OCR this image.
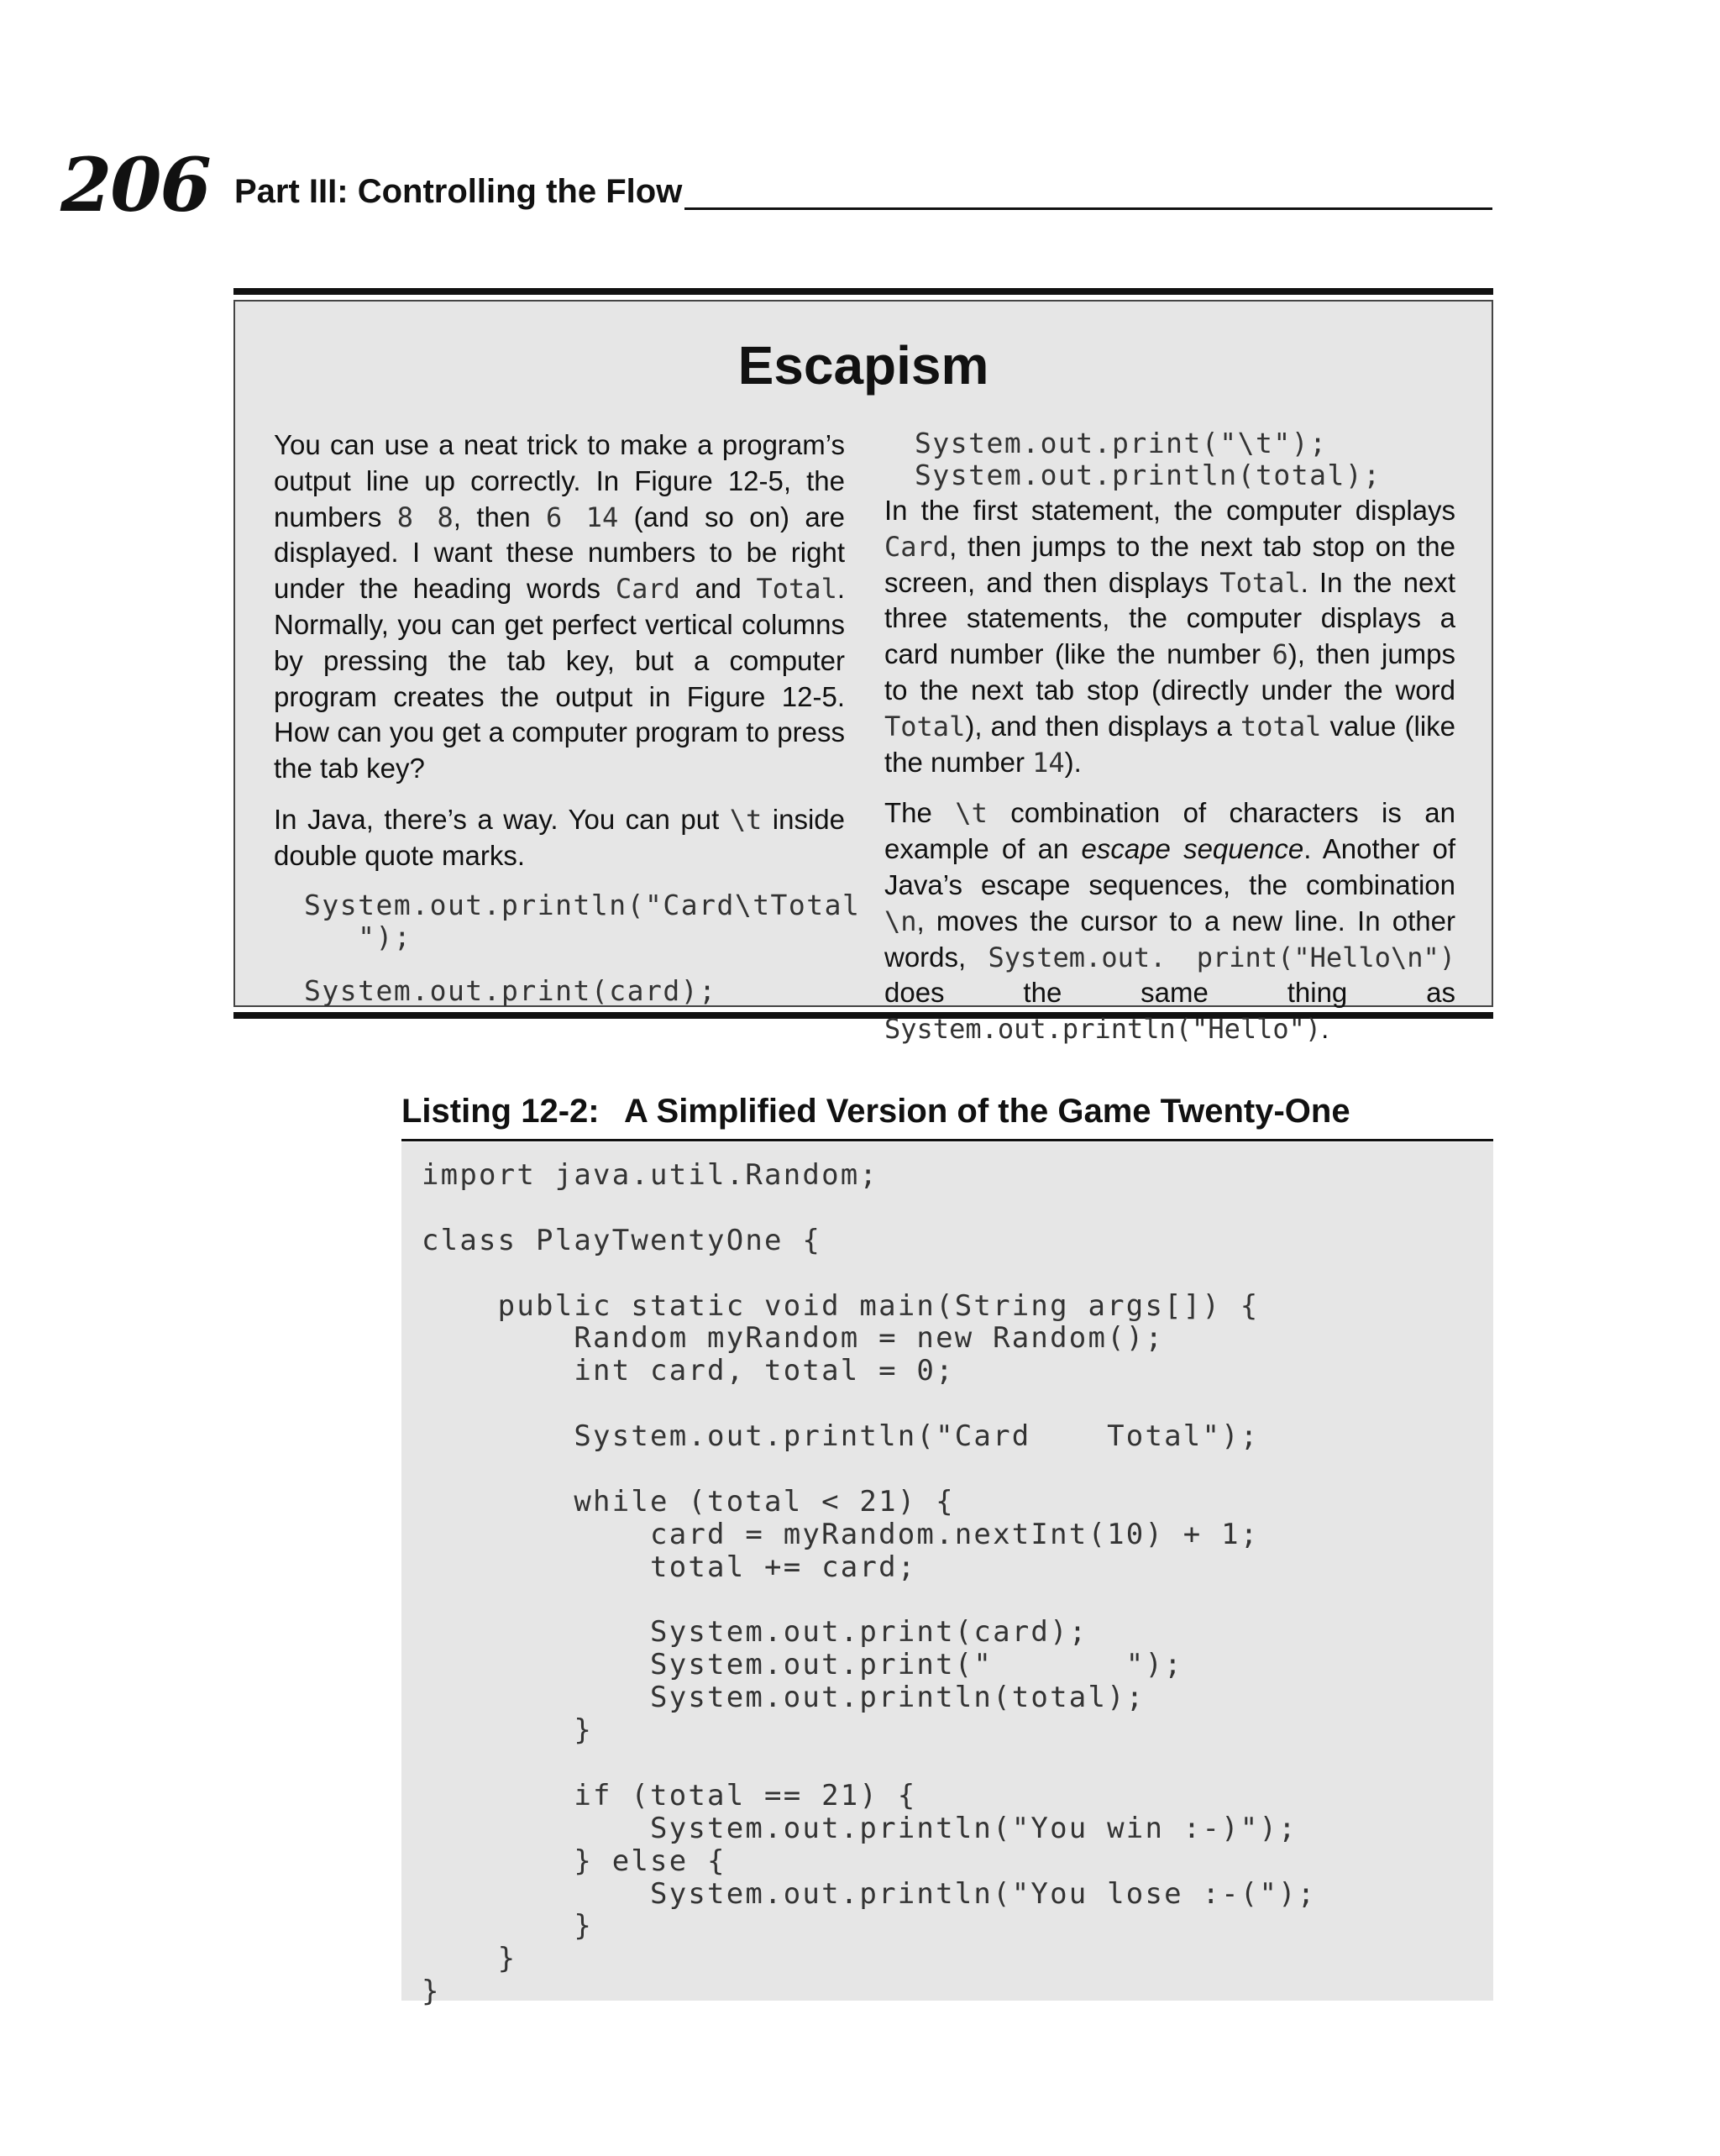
206 Part III: Controlling the Flow
Escapism

You can use a neat trick to make a program’s output line up correctly. In Figure 12-5, the numbers 8 8, then 6 14 (and so on) are displayed. I want these numbers to be right under the heading words Card and Total. Normally, you can get perfect vertical columns by pressing the tab key, but a computer program creates the output in Figure 12-5. How can you get a computer program to press the tab key?

In Java, there’s a way. You can put \t inside double quote marks.

System.out.println("Card\tTotal
");
System.out.print(card);
System.out.print("\t");
System.out.println(total);

In the first statement, the computer displays Card, then jumps to the next tab stop on the screen, and then displays Total. In the next three statements, the computer displays a card number (like the number 6), then jumps to the next tab stop (directly under the word Total), and then displays a total value (like the number 14).

The \t combination of characters is an example of an escape sequence. Another of Java’s escape sequences, the combination \n, moves the cursor to a new line. In other words, System.out. print("Hello\n") does the same thing as System.out.println("Hello").

Listing 12-2: A Simplified Version of the Game Twenty-One
import java.util.Random;
class PlayTwentyOne {
public static void main(String args[]) {
Random myRandom = new Random();
int card, total = 0;
System.out.println("Card    Total");
while (total < 21) {
card = myRandom.nextInt(10) + 1;
total += card;
System.out.print(card);
System.out.print("       ");
System.out.println(total);
}
if (total == 21) {
System.out.println("You win :-)");
} else {
System.out.println("You lose :-(");
}
}
}
